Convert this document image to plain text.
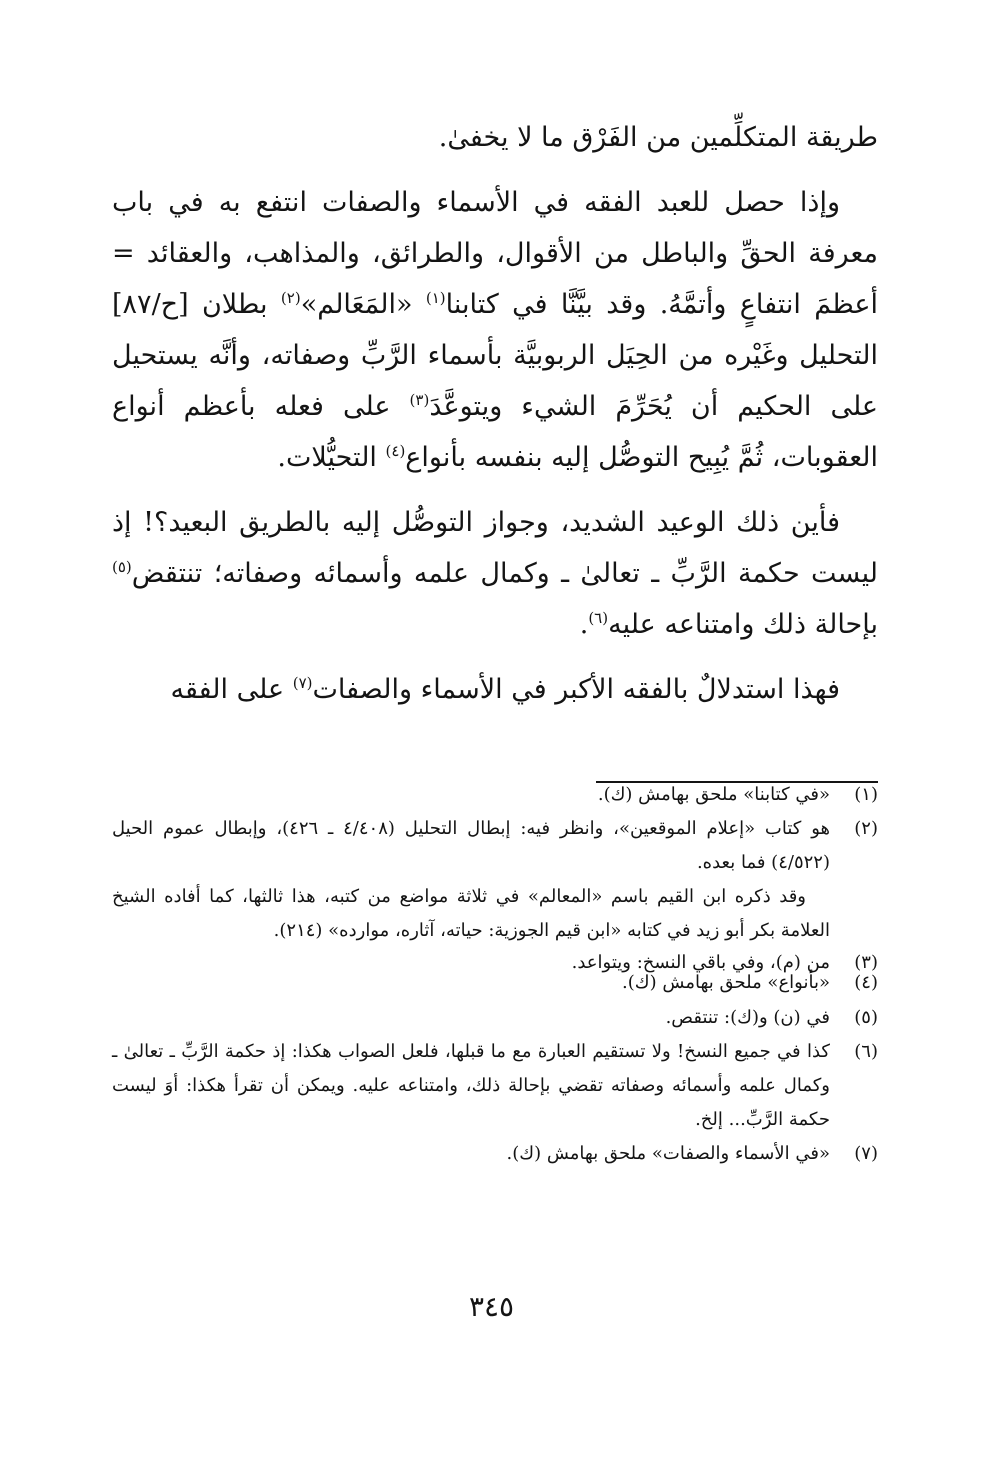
طريقة المتكلِّمين من الفَرْق ما لا يخفىٰ.

وإذا حصل للعبد الفقه في الأسماء والصفات انتفع به في باب معرفة الحقِّ والباطل من الأقوال، والطرائق، والمذاهب، والعقائد = أعظمَ انتفاعٍ وأتمَّهُ. وقد بيَّنَّا في كتابنا$^{(١)}$ «المَعَالم»$^{(٢)}$ بطلان [ح/٨٧] التحليل وغَيْره من الحِيَل الربوبيَّة بأسماء الرَّبِّ وصفاته، وأنَّه يستحيل على الحكيم أن يُحَرِّمَ الشيء ويتوعَّدَ$^{(٣)}$ على فعله بأعظم أنواع العقوبات، ثُمَّ يُبِيح التوصُّل إليه بنفسه بأنواع$^{(٤)}$ التحيُّلات.

فأين ذلك الوعيد الشديد، وجواز التوصُّل إليه بالطريق البعيد؟! إذ ليست حكمة الرَّبِّ ـ تعالىٰ ـ وكمال علمه وأسمائه وصفاته؛ تنتقض$^{(٥)}$ بإحالة ذلك وامتناعه عليه$^{(٦)}$.

فهذا استدلالٌ بالفقه الأكبر في الأسماء والصفات$^{(٧)}$ على الفقه

(١)
«في كتابنا» ملحق بهامش (ك).
(٢)
هو كتاب «إعلام الموقعين»، وانظر فيه: إبطال التحليل (٤/٤٠٨ ـ ٤٢٦)، وإبطال عموم الحيل (٤/٥٢٢) فما بعده.
وقد ذكره ابن القيم باسم «المعالم» في ثلاثة مواضع من كتبه، هذا ثالثها، كما أفاده الشيخ العلامة بكر أبو زيد في كتابه «ابن قيم الجوزية: حياته، آثاره، موارده» (٢١٤).
(٣)
من (م)، وفي باقي النسخ: ويتواعد.
(٤)
«بأنواع» ملحق بهامش (ك).
(٥)
في (ن) و(ك): تنتقص.
(٦)
كذا في جميع النسخ! ولا تستقيم العبارة مع ما قبلها، فلعل الصواب هكذا: إذ حكمة الرَّبِّ ـ تعالىٰ ـ وكمال علمه وأسمائه وصفاته تقضي بإحالة ذلك، وامتناعه عليه. ويمكن أن تقرأ هكذا: أوَ ليست حكمة الرَّبِّ... إلخ.
(٧)
«في الأسماء والصفات» ملحق بهامش (ك).
٣٤٥
